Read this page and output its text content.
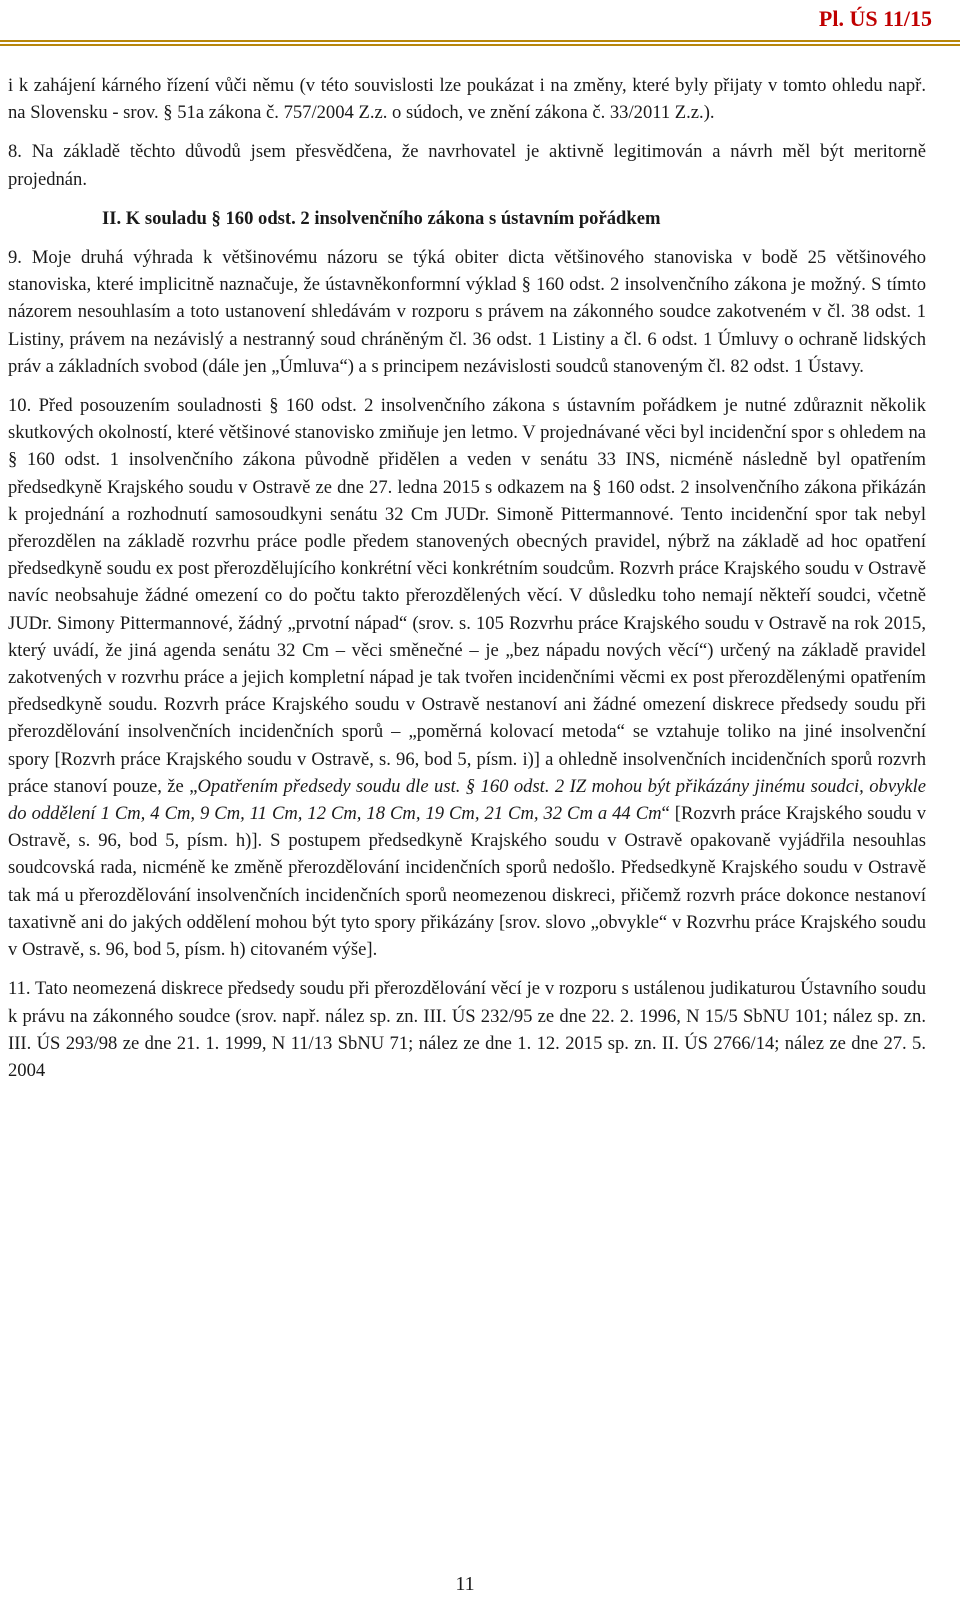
Pl. ÚS 11/15

i k zahájení kárného řízení vůči němu (v této souvislosti lze poukázat i na změny, které byly přijaty v tomto ohledu např. na Slovensku - srov. § 51a zákona č. 757/2004 Z.z. o súdoch, ve znění zákona č. 33/2011 Z.z.).

8. Na základě těchto důvodů jsem přesvědčena, že navrhovatel je aktivně legitimován a návrh měl být meritorně projednán.

II. K souladu § 160 odst. 2 insolvenčního zákona s ústavním pořádkem

9. Moje druhá výhrada k většinovému názoru se týká obiter dicta většinového stanoviska v bodě 25 většinového stanoviska, které implicitně naznačuje, že ústavněkonformní výklad § 160 odst. 2 insolvenčního zákona je možný. S tímto názorem nesouhlasím a toto ustanovení shledávám v rozporu s právem na zákonného soudce zakotveném v čl. 38 odst. 1 Listiny, právem na nezávislý a nestranný soud chráněným čl. 36 odst. 1 Listiny a čl. 6 odst. 1 Úmluvy o ochraně lidských práv a základních svobod (dále jen „Úmluva“) a s principem nezávislosti soudců stanoveným čl. 82 odst. 1 Ústavy.

10. Před posouzením souladnosti § 160 odst. 2 insolvenčního zákona s ústavním pořádkem je nutné zdůraznit několik skutkových okolností, které většinové stanovisko zmiňuje jen letmo. V projednávané věci byl incidenční spor s ohledem na § 160 odst. 1 insolvenčního zákona původně přidělen a veden v senátu 33 INS, nicméně následně byl opatřením předsedkyně Krajského soudu v Ostravě ze dne 27. ledna 2015 s odkazem na § 160 odst. 2 insolvenčního zákona přikázán k projednání a rozhodnutí samosoudkyni senátu 32 Cm JUDr. Simoně Pittermannové. Tento incidenční spor tak nebyl přerozdělen na základě rozvrhu práce podle předem stanovených obecných pravidel, nýbrž na základě ad hoc opatření předsedkyně soudu ex post přerozdělujícího konkrétní věci konkrétním soudcům. Rozvrh práce Krajského soudu v Ostravě navíc neobsahuje žádné omezení co do počtu takto přerozdělených věcí. V důsledku toho nemají někteří soudci, včetně JUDr. Simony Pittermannové, žádný „prvotní nápad“ (srov. s. 105 Rozvrhu práce Krajského soudu v Ostravě na rok 2015, který uvádí, že jiná agenda senátu 32 Cm – věci směnečné – je „bez nápadu nových věcí“) určený na základě pravidel zakotvených v rozvrhu práce a jejich kompletní nápad je tak tvořen incidenčními věcmi ex post přerozdělenými opatřením předsedkyně soudu. Rozvrh práce Krajského soudu v Ostravě nestanoví ani žádné omezení diskrece předsedy soudu při přerozdělování insolvenčních incidenčních sporů – „poměrná kolovací metoda“ se vztahuje toliko na jiné insolvenční spory [Rozvrh práce Krajského soudu v Ostravě, s. 96, bod 5, písm. i)] a ohledně insolvenčních incidenčních sporů rozvrh práce stanoví pouze, že „Opatřením předsedy soudu dle ust. § 160 odst. 2 IZ mohou být přikázány jinému soudci, obvykle do oddělení 1 Cm, 4 Cm, 9 Cm, 11 Cm, 12 Cm, 18 Cm, 19 Cm, 21 Cm, 32 Cm a 44 Cm“ [Rozvrh práce Krajského soudu v Ostravě, s. 96, bod 5, písm. h)]. S postupem předsedkyně Krajského soudu v Ostravě opakovaně vyjádřila nesouhlas soudcovská rada, nicméně ke změně přerozdělování incidenčních sporů nedošlo. Předsedkyně Krajského soudu v Ostravě tak má u přerozdělování insolvenčních incidenčních sporů neomezenou diskreci, přičemž rozvrh práce dokonce nestanoví taxativně ani do jakých oddělení mohou být tyto spory přikázány [srov. slovo „obvykle“ v Rozvrhu práce Krajského soudu v Ostravě, s. 96, bod 5, písm. h) citovaném výše].

11. Tato neomezená diskrece předsedy soudu při přerozdělování věcí je v rozporu s ustálenou judikaturou Ústavního soudu k právu na zákonného soudce (srov. např. nález sp. zn. III. ÚS 232/95 ze dne 22. 2. 1996, N 15/5 SbNU 101; nález sp. zn. III. ÚS 293/98 ze dne 21. 1. 1999, N 11/13 SbNU 71; nález ze dne 1. 12. 2015 sp. zn. II. ÚS 2766/14; nález ze dne 27. 5. 2004

11
